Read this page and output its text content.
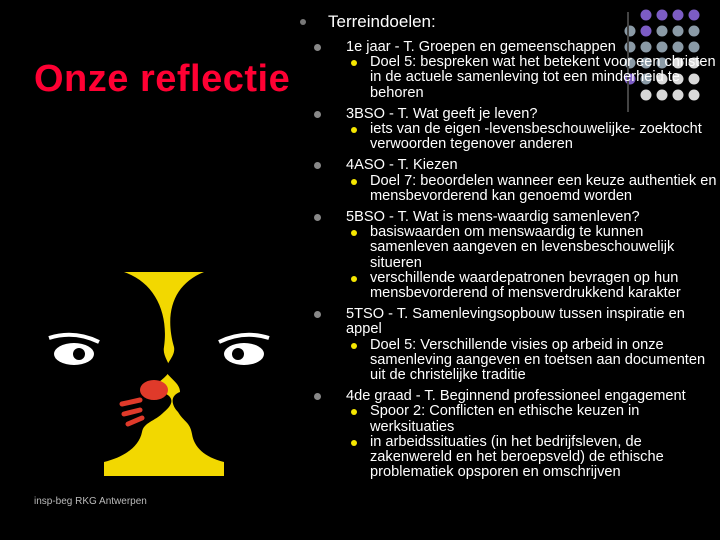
Onze reflectie
insp-beg RKG Antwerpen
Terreindoelen:
1e jaar - T. Groepen en gemeenschappen
Doel 5: bespreken wat het betekent voor een christen in de actuele samenleving tot een minderheid te behoren
3BSO - T. Wat geeft je leven?
iets van de eigen -levensbeschouwelijke- zoektocht verwoorden tegenover anderen
4ASO - T. Kiezen
Doel 7: beoordelen wanneer een keuze authentiek en mensbevorderend kan genoemd worden
5BSO - T. Wat is mens-waardig samenleven?
basiswaarden om menswaardig te kunnen samenleven aangeven en levensbeschouwelijk situeren
verschillende waardepatronen bevragen op hun mensbevorderend of mensverdrukkend karakter
5TSO - T. Samenlevingsopbouw tussen inspiratie en appel
Doel 5: Verschillende visies op arbeid in onze samenleving aangeven en toetsen aan documenten uit de christelijke traditie
4de graad - T. Beginnend professioneel engagement
Spoor 2: Conflicten en ethische keuzen in werksituaties
in arbeidssituaties (in het bedrijfsleven, de zakenwereld en het beroepsveld) de ethische problematiek opsporen en omschrijven
